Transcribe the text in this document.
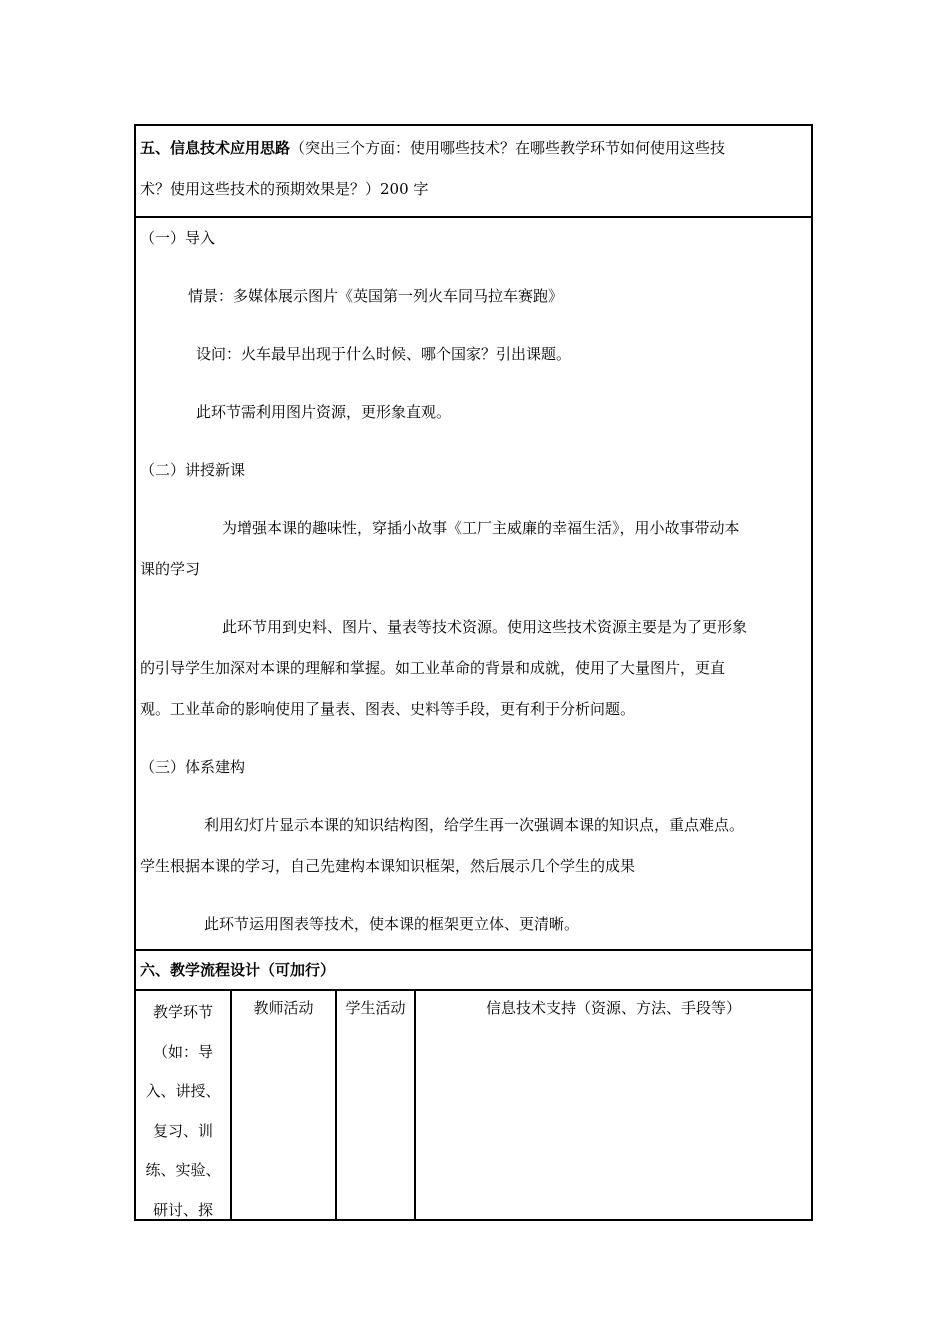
五、信息技术应用思路（突出三个方面：使用哪些技术？在哪些教学环节如何使用这些技
术？使用这些技术的预期效果是？）200 字

（一）导入

情景：多媒体展示图片《英国第一列火车同马拉车赛跑》

设问：火车最早出现于什么时候、哪个国家？引出课题。

此环节需利用图片资源，更形象直观。

（二）讲授新课

为增强本课的趣味性，穿插小故事《工厂主威廉的幸福生活》，用小故事带动本

课的学习

此环节用到史料、图片、量表等技术资源。使用这些技术资源主要是为了更形象

的引导学生加深对本课的理解和掌握。如工业革命的背景和成就，使用了大量图片，更直

观。工业革命的影响使用了量表、图表、史料等手段，更有利于分析问题。

（三）体系建构

利用幻灯片显示本课的知识结构图，给学生再一次强调本课的知识点，重点难点。

学生根据本课的学习，自己先建构本课知识框架，然后展示几个学生的成果

此环节运用图表等技术，使本课的框架更立体、更清晰。

六、教学流程设计（可加行）
教学环节
（如：导
入、讲授、
复习、训
练、实验、
研讨、探
教师活动	学生活动	信息技术支持（资源、方法、手段等）
